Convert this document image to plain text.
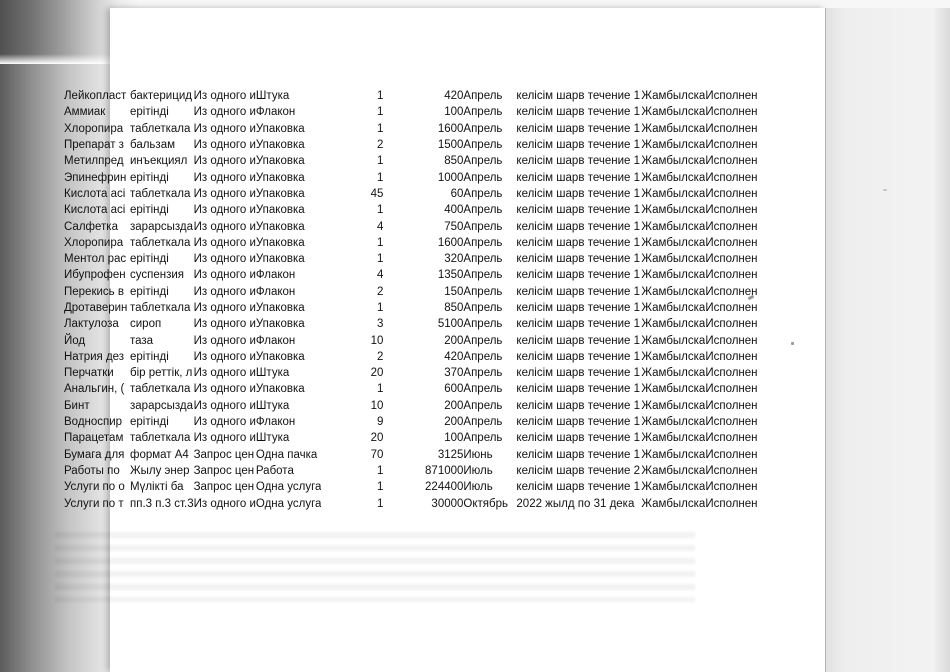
Лейкопласт	бактерицид	Из одного и	Штука	1	420	Апрель	келісім шар	в течение 1	Жамбылска	Исполнен
Аммиак	ерітінді	Из одного и	Флакон	1	100	Апрель	келісім шар	в течение 1	Жамбылска	Исполнен
Хлоропира	таблеткала	Из одного и	Упаковка	1	1600	Апрель	келісім шар	в течение 1	Жамбылска	Исполнен
Препарат з	бальзам	Из одного и	Упаковка	2	1500	Апрель	келісім шар	в течение 1	Жамбылска	Исполнен
Метилпред	инъекциял	Из одного и	Упаковка	1	850	Апрель	келісім шар	в течение 1	Жамбылска	Исполнен
Эпинефрин	ерітінді	Из одного и	Упаковка	1	1000	Апрель	келісім шар	в течение 1	Жамбылска	Исполнен
Кислота асі	таблеткала	Из одного и	Упаковка	45	60	Апрель	келісім шар	в течение 1	Жамбылска	Исполнен
Кислота асі	ерітінді	Из одного и	Упаковка	1	400	Апрель	келісім шар	в течение 1	Жамбылска	Исполнен
Салфетка	зарарсызда	Из одного и	Упаковка	4	750	Апрель	келісім шар	в течение 1	Жамбылска	Исполнен
Хлоропира	таблеткала	Из одного и	Упаковка	1	1600	Апрель	келісім шар	в течение 1	Жамбылска	Исполнен
Ментол рас	ерітінді	Из одного и	Упаковка	1	320	Апрель	келісім шар	в течение 1	Жамбылска	Исполнен
Ибупрофен	суспензия	Из одного и	Флакон	4	1350	Апрель	келісім шар	в течение 1	Жамбылска	Исполнен
Перекись в	ерітінді	Из одного и	Флакон	2	150	Апрель	келісім шар	в течение 1	Жамбылска	Исполнен
Дротаверин	таблеткала	Из одного и	Упаковка	1	850	Апрель	келісім шар	в течение 1	Жамбылска	Исполнен
Лактулоза	сироп	Из одного и	Упаковка	3	5100	Апрель	келісім шар	в течение 1	Жамбылска	Исполнен
Йод	таза	Из одного и	Флакон	10	200	Апрель	келісім шар	в течение 1	Жамбылска	Исполнен
Натрия дез	ерітінді	Из одного и	Упаковка	2	420	Апрель	келісім шар	в течение 1	Жамбылска	Исполнен
Перчатки	бір реттік, л	Из одного и	Штука	20	370	Апрель	келісім шар	в течение 1	Жамбылска	Исполнен
Анальгин, (	таблеткала	Из одного и	Упаковка	1	600	Апрель	келісім шар	в течение 1	Жамбылска	Исполнен
Бинт	зарарсызда	Из одного и	Штука	10	200	Апрель	келісім шар	в течение 1	Жамбылска	Исполнен
Водноспир	ерітінді	Из одного и	Флакон	9	200	Апрель	келісім шар	в течение 1	Жамбылска	Исполнен
Парацетам	таблеткала	Из одного и	Штука	20	100	Апрель	келісім шар	в течение 1	Жамбылска	Исполнен
Бумага для	формат А4	Запрос цен	Одна пачка	70	3125	Июнь	келісім шар	в течение 1	Жамбылска	Исполнен
Работы по	Жылу энер	Запрос цен	Работа	1	871000	Июль	келісім шар	в течение 2	Жамбылска	Исполнен
Услуги по о	Мүлікті ба	Запрос цен	Одна услуга	1	224400	Июль	келісім шар	в течение 1	Жамбылска	Исполнен
Услуги по т	пп.3 п.3 ст.3	Из одного и	Одна услуга	1	30000	Октябрь	2022 жылд по 31 дека		Жамбылска	Исполнен
